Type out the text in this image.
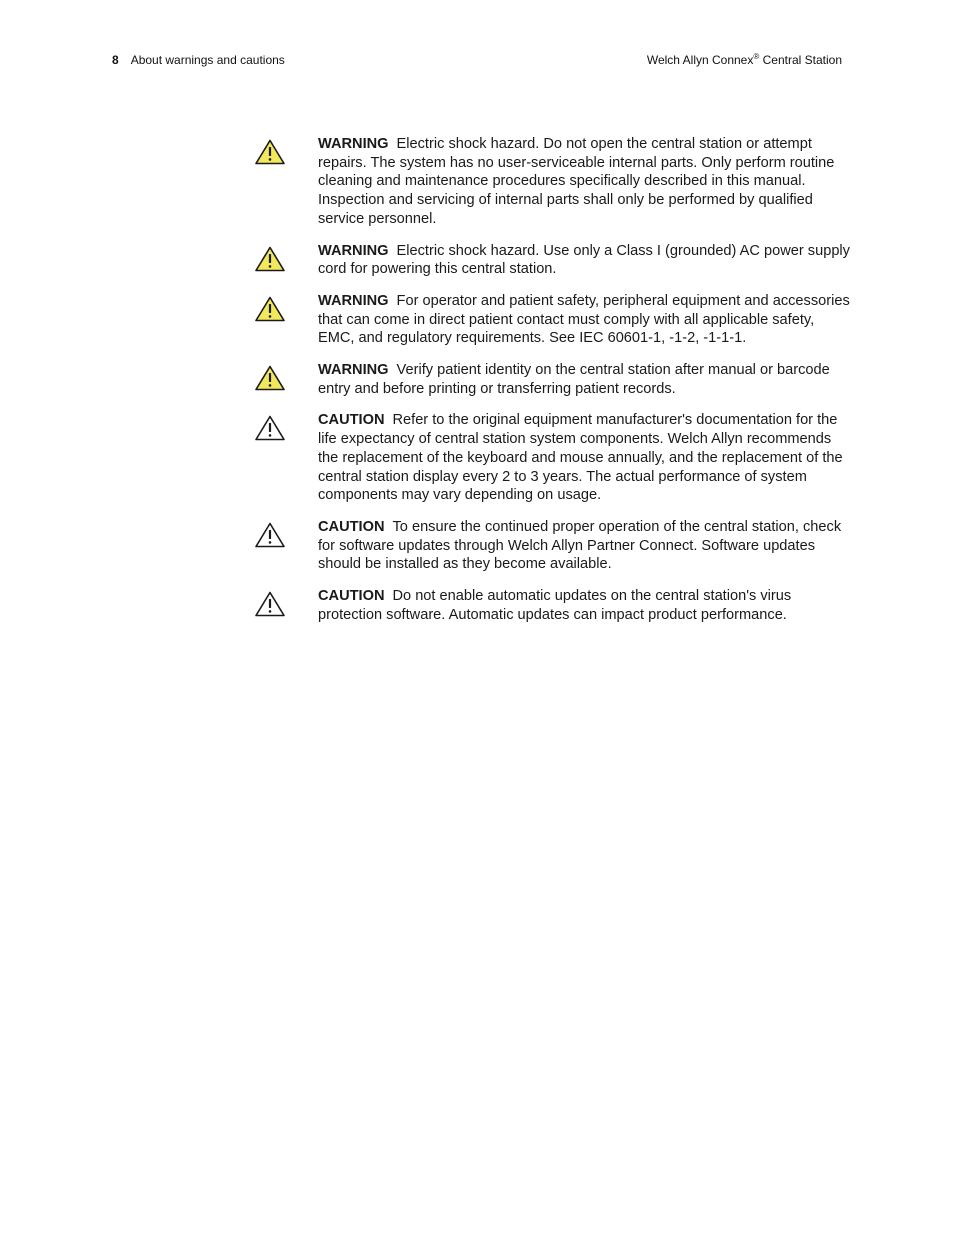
8 About warnings and cautions	Welch Allyn Connex® Central Station
WARNING Electric shock hazard. Do not open the central station or attempt repairs. The system has no user-serviceable internal parts. Only perform routine cleaning and maintenance procedures specifically described in this manual. Inspection and servicing of internal parts shall only be performed by qualified service personnel.
WARNING Electric shock hazard. Use only a Class I (grounded) AC power supply cord for powering this central station.
WARNING For operator and patient safety, peripheral equipment and accessories that can come in direct patient contact must comply with all applicable safety, EMC, and regulatory requirements. See IEC 60601-1, -1-2, -1-1-1.
WARNING Verify patient identity on the central station after manual or barcode entry and before printing or transferring patient records.
CAUTION Refer to the original equipment manufacturer's documentation for the life expectancy of central station system components. Welch Allyn recommends the replacement of the keyboard and mouse annually, and the replacement of the central station display every 2 to 3 years. The actual performance of system components may vary depending on usage.
CAUTION To ensure the continued proper operation of the central station, check for software updates through Welch Allyn Partner Connect. Software updates should be installed as they become available.
CAUTION Do not enable automatic updates on the central station's virus protection software. Automatic updates can impact product performance.
